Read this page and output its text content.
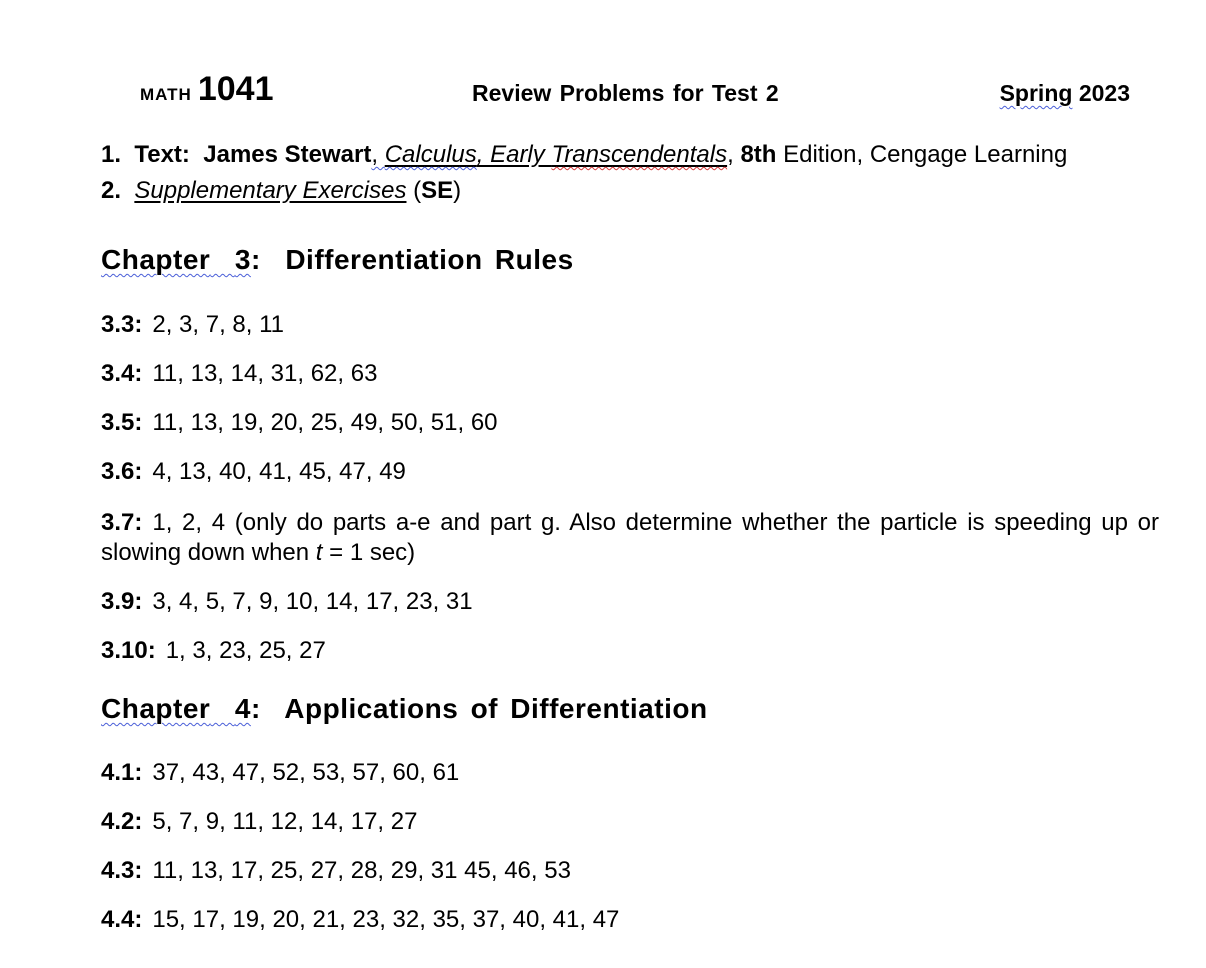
math 1041	Review Problems for Test 2	Spring 2023
1. Text: James Stewart, Calculus, Early Transcendentals, 8th Edition, Cengage Learning
2. Supplementary Exercises (SE)
Chapter 3:  Differentiation Rules
3.3: 2, 3, 7, 8, 11
3.4: 11, 13, 14, 31, 62, 63
3.5: 11, 13, 19, 20, 25, 49, 50, 51, 60
3.6: 4, 13, 40, 41, 45, 47, 49
3.7: 1, 2, 4 (only do parts a-e and part g. Also determine whether the particle is speeding up or slowing down when t = 1 sec)
3.9: 3, 4, 5, 7, 9, 10, 14, 17, 23, 31
3.10: 1, 3, 23, 25, 27
Chapter 4:  Applications of Differentiation
4.1: 37, 43, 47, 52, 53, 57, 60, 61
4.2: 5, 7, 9, 11, 12, 14, 17, 27
4.3: 11, 13, 17, 25, 27, 28, 29, 31 45, 46, 53
4.4: 15, 17, 19, 20, 21, 23, 32, 35, 37, 40, 41, 47
